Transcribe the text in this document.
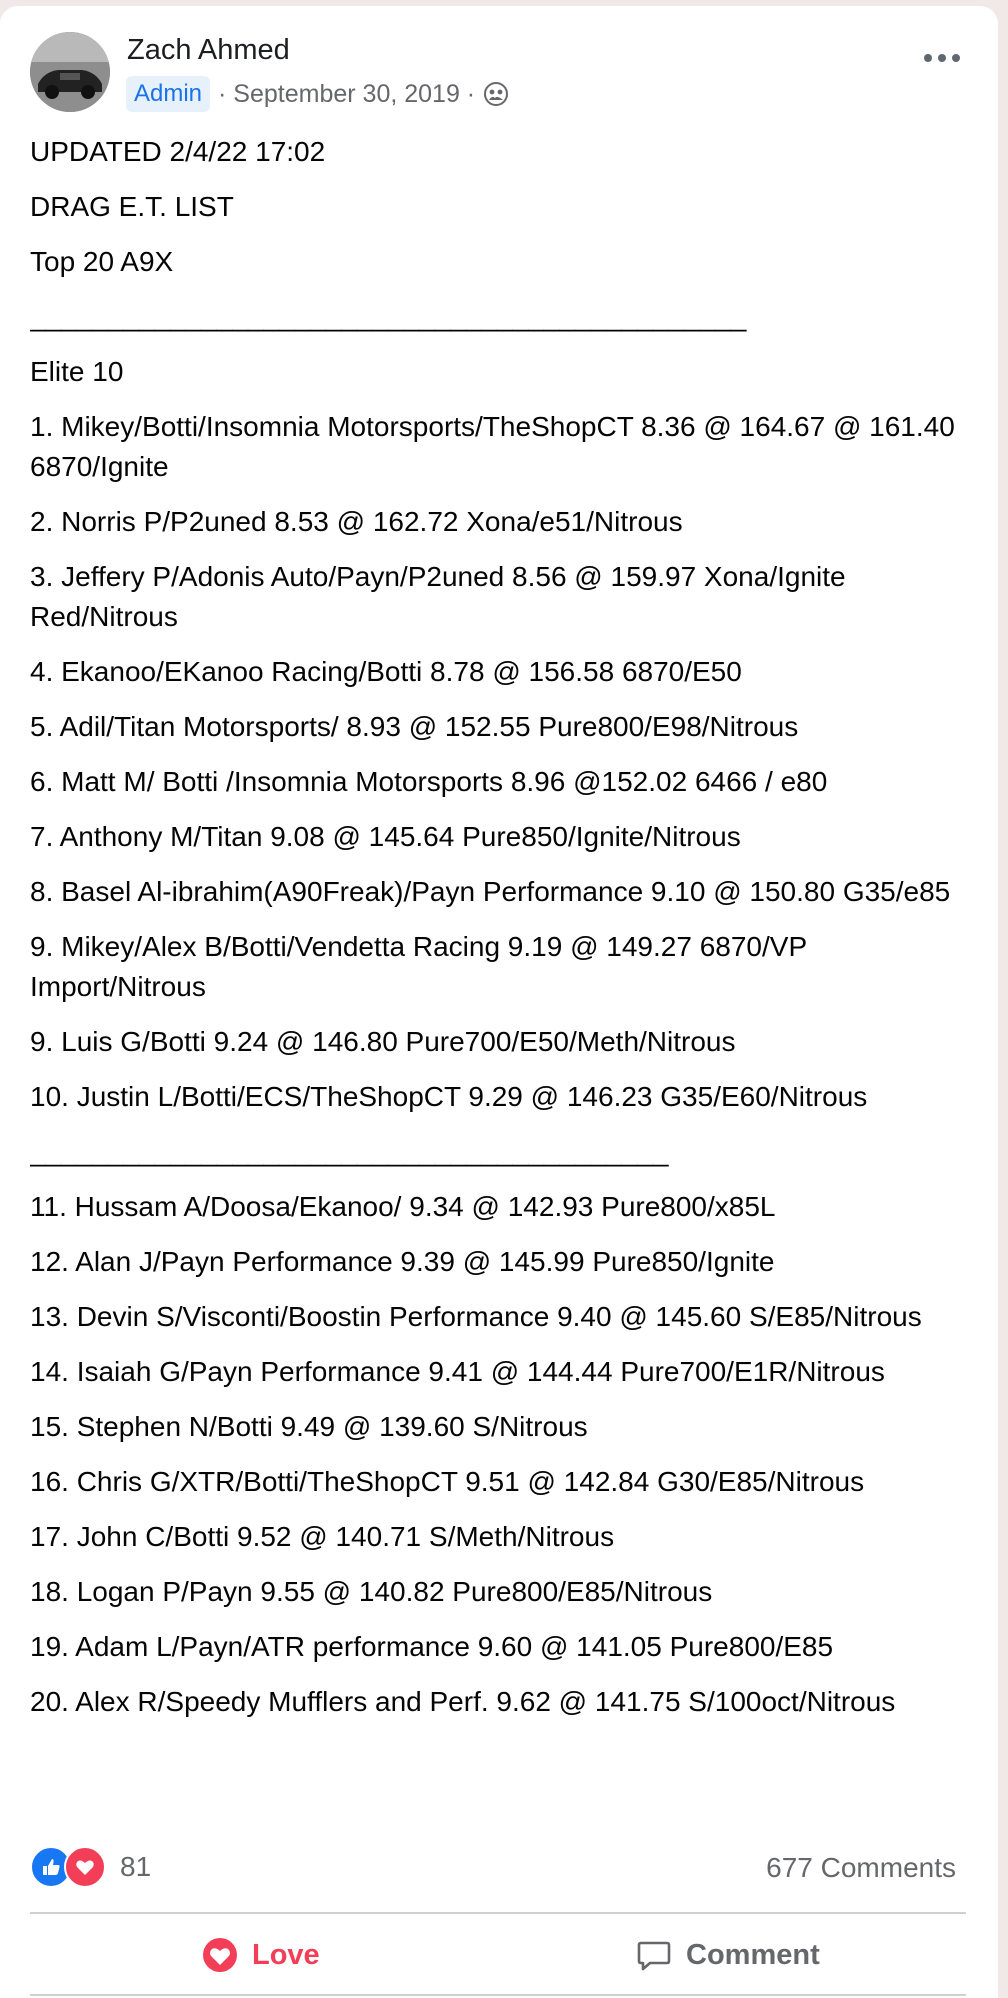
Zach Ahmed
Admin · September 30, 2019 ·

UPDATED 2/4/22 17:02

DRAG E.T. LIST

Top 20 A9X

______________________________________________

Elite 10

1. Mikey/Botti/Insomnia Motorsports/TheShopCT 8.36 @ 164.67 @ 161.40 6870/Ignite

2. Norris P/P2uned 8.53 @ 162.72 Xona/e51/Nitrous

3. Jeffery P/Adonis Auto/Payn/P2uned 8.56 @ 159.97 Xona/Ignite Red/Nitrous

4. Ekanoo/EKanoo Racing/Botti 8.78 @ 156.58 6870/E50

5. Adil/Titan Motorsports/ 8.93 @ 152.55 Pure800/E98/Nitrous

6. Matt M/ Botti /Insomnia Motorsports 8.96 @152.02 6466 / e80

7. Anthony M/Titan 9.08 @ 145.64 Pure850/Ignite/Nitrous

8. Basel Al-ibrahim(A90Freak)/Payn Performance 9.10 @ 150.80 G35/e85

9. Mikey/Alex B/Botti/Vendetta Racing 9.19 @ 149.27 6870/VP Import/Nitrous

9. Luis G/Botti 9.24 @ 146.80 Pure700/E50/Meth/Nitrous

10. Justin L/Botti/ECS/TheShopCT 9.29 @ 146.23 G35/E60/Nitrous

_________________________________________

11. Hussam A/Doosa/Ekanoo/ 9.34 @ 142.93 Pure800/x85L

12. Alan J/Payn Performance 9.39 @ 145.99 Pure850/Ignite

13. Devin S/Visconti/Boostin Performance 9.40 @ 145.60 S/E85/Nitrous

14. Isaiah G/Payn Performance 9.41 @ 144.44 Pure700/E1R/Nitrous

15. Stephen N/Botti 9.49 @ 139.60 S/Nitrous

16. Chris G/XTR/Botti/TheShopCT 9.51 @ 142.84 G30/E85/Nitrous

17. John C/Botti 9.52 @ 140.71 S/Meth/Nitrous

18. Logan P/Payn 9.55 @ 140.82 Pure800/E85/Nitrous

19. Adam L/Payn/ATR performance 9.60 @ 141.05 Pure800/E85

20. Alex R/Speedy Mufflers and Perf. 9.62 @ 141.75 S/100oct/Nitrous

81	677 Comments
Love	Comment
